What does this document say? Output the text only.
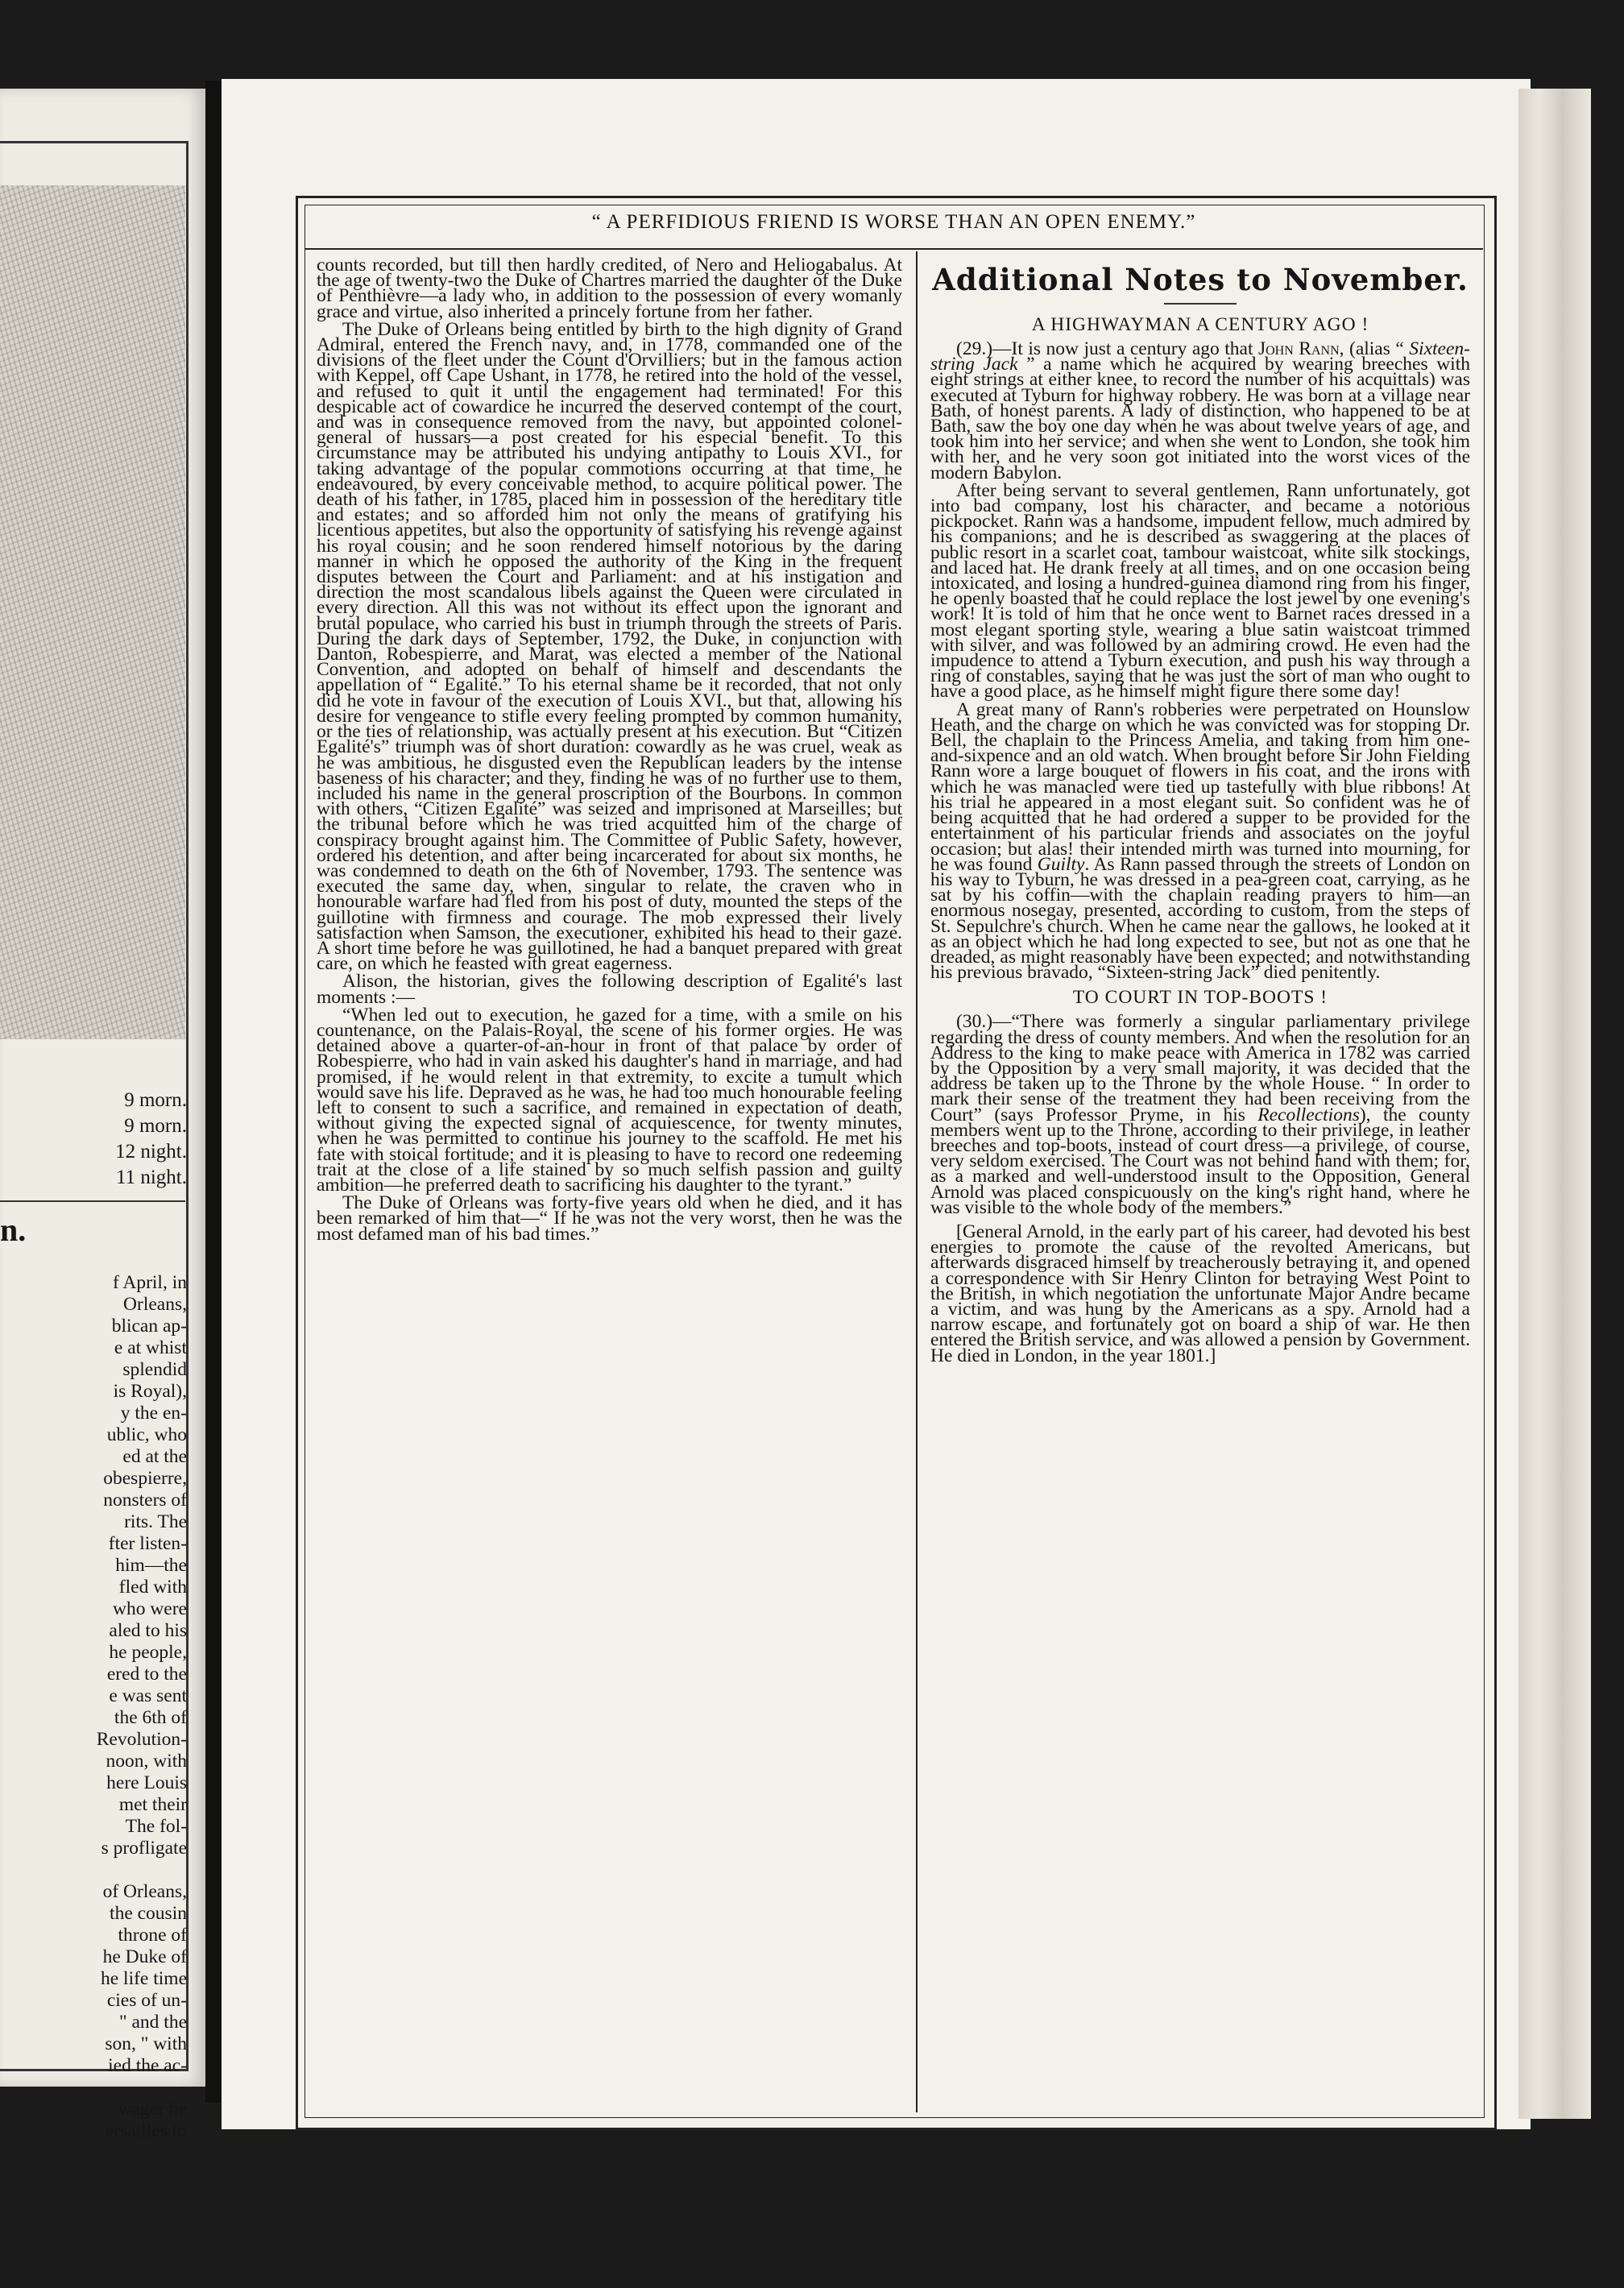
9 morn.
9 morn.
12 night.
11 night.
n.
f April, in
Orleans,
blican ap-
e at whist
splendid
is Royal),
y the en-
ublic, who
ed at the
obespierre,
nonsters of
rits. The
fter listen-
him—the
fled with
who were
aled to his
he people,
ered to the
e was sent
the 6th of
Revolution-
noon, with
here Louis
met their
The fol-
s profligate

of Orleans,
the cousin
throne of
he Duke of
he life time
cies of un-
" and the
son, " with
ied the ac-

wager he
ersailles to
“ A PERFIDIOUS FRIEND IS WORSE THAN AN OPEN ENEMY.”

counts recorded, but till then hardly credited, of Nero and Heliogabalus. At the age of twenty-two the Duke of Chartres married the daughter of the Duke of Penthièvre—a lady who, in addition to the possession of every womanly grace and virtue, also inherited a princely fortune from her father.

The Duke of Orleans being entitled by birth to the high dignity of Grand Admiral, entered the French navy, and, in 1778, commanded one of the divisions of the fleet under the Count d'Orvilliers; but in the famous action with Keppel, off Cape Ushant, in 1778, he retired into the hold of the vessel, and refused to quit it until the engagement had terminated! For this despicable act of cowardice he incurred the deserved contempt of the court, and was in consequence removed from the navy, but appointed colonel-general of hussars—a post created for his especial benefit. To this circumstance may be attributed his undying antipathy to Louis XVI., for taking advantage of the popular commotions occurring at that time, he endeavoured, by every conceivable method, to acquire political power. The death of his father, in 1785, placed him in possession of the hereditary title and estates; and so afforded him not only the means of gratifying his licentious appetites, but also the opportunity of satisfying his revenge against his royal cousin; and he soon rendered himself notorious by the daring manner in which he opposed the authority of the King in the frequent disputes between the Court and Parliament: and at his instigation and direction the most scandalous libels against the Queen were circulated in every direction. All this was not without its effect upon the ignorant and brutal populace, who carried his bust in triumph through the streets of Paris. During the dark days of September, 1792, the Duke, in conjunction with Danton, Robespierre, and Marat, was elected a member of the National Convention, and adopted on behalf of himself and descendants the appellation of “ Egalité.” To his eternal shame be it recorded, that not only did he vote in favour of the execution of Louis XVI., but that, allowing his desire for vengeance to stifle every feeling prompted by common humanity, or the ties of relationship, was actually present at his execution. But “Citizen Egalité's” triumph was of short duration: cowardly as he was cruel, weak as he was ambitious, he disgusted even the Republican leaders by the intense baseness of his character; and they, finding he was of no further use to them, included his name in the general proscription of the Bourbons. In common with others, “Citizen Egalité” was seized and imprisoned at Marseilles; but the tribunal before which he was tried acquitted him of the charge of conspiracy brought against him. The Committee of Public Safety, however, ordered his detention, and after being incarcerated for about six months, he was condemned to death on the 6th of November, 1793. The sentence was executed the same day, when, singular to relate, the craven who in honourable warfare had fled from his post of duty, mounted the steps of the guillotine with firmness and courage. The mob expressed their lively satisfaction when Samson, the executioner, exhibited his head to their gaze. A short time before he was guillotined, he had a banquet prepared with great care, on which he feasted with great eagerness.

Alison, the historian, gives the following description of Egalité's last moments :—

“When led out to execution, he gazed for a time, with a smile on his countenance, on the Palais-Royal, the scene of his former orgies. He was detained above a quarter-of-an-hour in front of that palace by order of Robespierre, who had in vain asked his daughter's hand in marriage, and had promised, if he would relent in that extremity, to excite a tumult which would save his life. Depraved as he was, he had too much honourable feeling left to consent to such a sacrifice, and remained in expectation of death, without giving the expected signal of acquiescence, for twenty minutes, when he was permitted to continue his journey to the scaffold. He met his fate with stoical fortitude; and it is pleasing to have to record one redeeming trait at the close of a life stained by so much selfish passion and guilty ambition—he preferred death to sacrificing his daughter to the tyrant.”

The Duke of Orleans was forty-five years old when he died, and it has been remarked of him that—“ If he was not the very worst, then he was the most defamed man of his bad times.”

Additional Notes to November.
A HIGHWAYMAN A CENTURY AGO !

(29.)—It is now just a century ago that John Rann, (alias “ Sixteen-string Jack ” a name which he acquired by wearing breeches with eight strings at either knee, to record the number of his acquittals) was executed at Tyburn for highway robbery. He was born at a village near Bath, of honest parents. A lady of distinction, who happened to be at Bath, saw the boy one day when he was about twelve years of age, and took him into her service; and when she went to London, she took him with her, and he very soon got initiated into the worst vices of the modern Babylon.

After being servant to several gentlemen, Rann unfortunately, got into bad company, lost his character, and became a notorious pickpocket. Rann was a handsome, impudent fellow, much admired by his companions; and he is described as swaggering at the places of public resort in a scarlet coat, tambour waistcoat, white silk stockings, and laced hat. He drank freely at all times, and on one occasion being intoxicated, and losing a hundred-guinea diamond ring from his finger, he openly boasted that he could replace the lost jewel by one evening's work! It is told of him that he once went to Barnet races dressed in a most elegant sporting style, wearing a blue satin waistcoat trimmed with silver, and was followed by an admiring crowd. He even had the impudence to attend a Tyburn execution, and push his way through a ring of constables, saying that he was just the sort of man who ought to have a good place, as he himself might figure there some day!

A great many of Rann's robberies were perpetrated on Hounslow Heath, and the charge on which he was convicted was for stopping Dr. Bell, the chaplain to the Princess Amelia, and taking from him one-and-sixpence and an old watch. When brought before Sir John Fielding Rann wore a large bouquet of flowers in his coat, and the irons with which he was manacled were tied up tastefully with blue ribbons! At his trial he appeared in a most elegant suit. So confident was he of being acquitted that he had ordered a supper to be provided for the entertainment of his particular friends and associates on the joyful occasion; but alas! their intended mirth was turned into mourning, for he was found Guilty. As Rann passed through the streets of London on his way to Tyburn, he was dressed in a pea-green coat, carrying, as he sat by his coffin—with the chaplain reading prayers to him—an enormous nosegay, presented, according to custom, from the steps of St. Sepulchre's church. When he came near the gallows, he looked at it as an object which he had long expected to see, but not as one that he dreaded, as might reasonably have been expected; and notwithstanding his previous bravado, “Sixteen-string Jack” died penitently.

TO COURT IN TOP-BOOTS !

(30.)—“There was formerly a singular parliamentary privilege regarding the dress of county members. And when the resolution for an Address to the king to make peace with America in 1782 was carried by the Opposition by a very small majority, it was decided that the address be taken up to the Throne by the whole House. “ In order to mark their sense of the treatment they had been receiving from the Court” (says Professor Pryme, in his Recollections), the county members went up to the Throne, according to their privilege, in leather breeches and top-boots, instead of court dress—a privilege, of course, very seldom exercised. The Court was not behind hand with them; for, as a marked and well-understood insult to the Opposition, General Arnold was placed conspicuously on the king's right hand, where he was visible to the whole body of the members.”

[General Arnold, in the early part of his career, had devoted his best energies to promote the cause of the revolted Americans, but afterwards disgraced himself by treacherously betraying it, and opened a correspondence with Sir Henry Clinton for betraying West Point to the British, in which negotiation the unfortunate Major Andre became a victim, and was hung by the Americans as a spy. Arnold had a narrow escape, and fortunately got on board a ship of war. He then entered the British service, and was allowed a pension by Government. He died in London, in the year 1801.]
